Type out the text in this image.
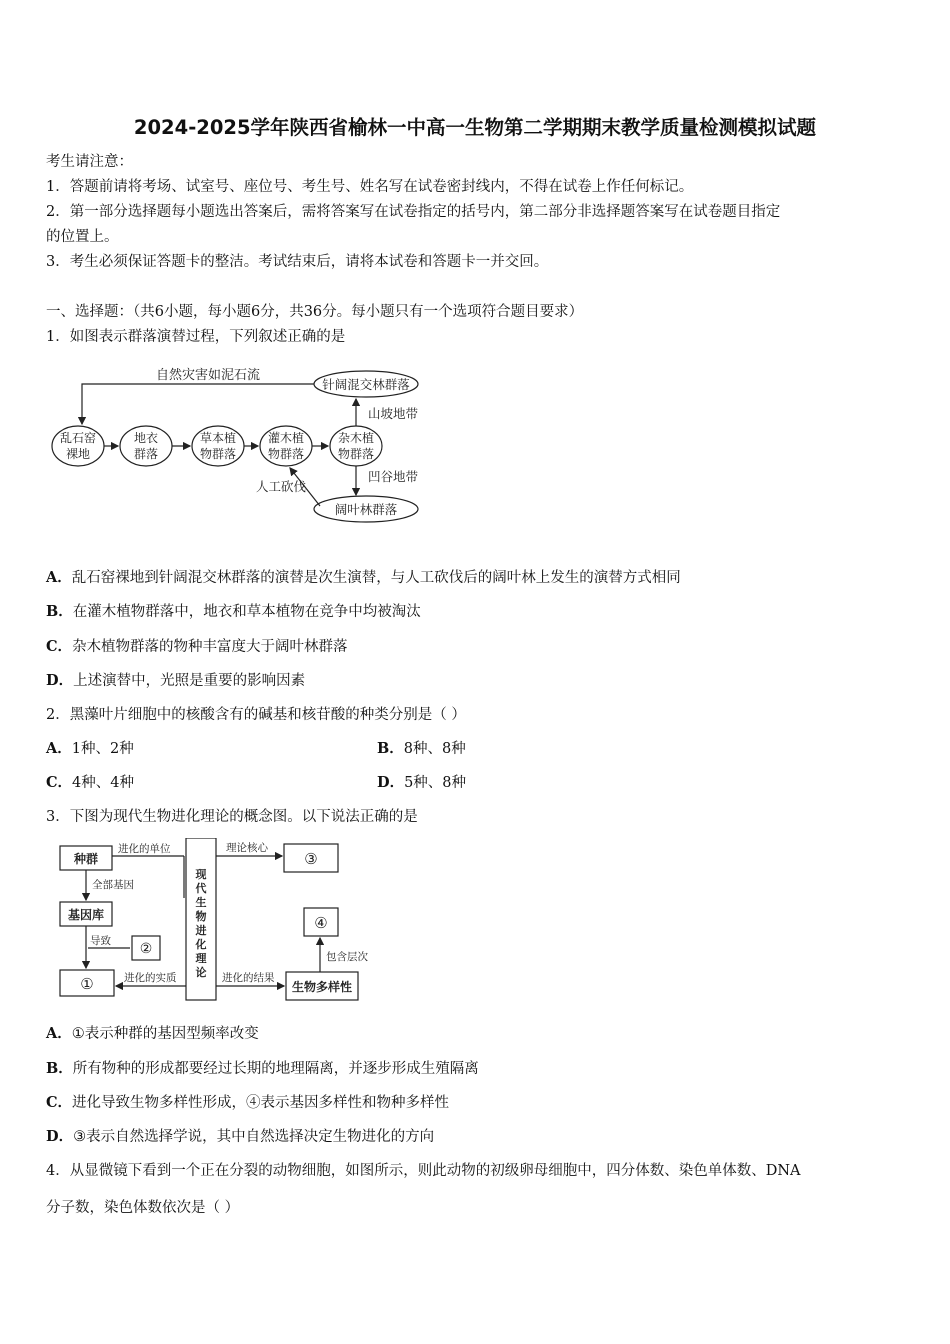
2024-2025学年陕西省榆林一中高一生物第二学期期末教学质量检测模拟试题
考生请注意：
1．答题前请将考场、试室号、座位号、考生号、姓名写在试卷密封线内，不得在试卷上作任何标记。
2．第一部分选择题每小题选出答案后，需将答案写在试卷指定的括号内，第二部分非选择题答案写在试卷题目指定
的位置上。
3．考生必须保证答题卡的整洁。考试结束后，请将本试卷和答题卡一并交回。
一、选择题：（共6小题，每小题6分，共36分。每小题只有一个选项符合题目要求）
1．如图表示群落演替过程，下列叙述正确的是
自然灾害如泥石流
针阔混交林群落
乱石窑
裸地
地衣
群落
草本植
物群落
灌木植
物群落
杂木植
物群落
山坡地带
凹谷地带
阔叶林群落
人工砍伐
A．乱石窑裸地到针阔混交林群落的演替是次生演替，与人工砍伐后的阔叶林上发生的演替方式相同
B．在灌木植物群落中，地衣和草本植物在竞争中均被淘汰
C．杂木植物群落的物种丰富度大于阔叶林群落
D．上述演替中，光照是重要的影响因素
2．黑藻叶片细胞中的核酸含有的碱基和核苷酸的种类分别是（ ）
A．1种、2种	B．8种、8种
C．4种、4种	D．5种、8种
3．下图为现代生物进化理论的概念图。以下说法正确的是
种群
进化的单位
现
代
生
物
进
化
理
论
全部基因
基因库
导致 ②
①	进化的实质
理论核心
③
进化的结果
生物多样性
包含层次
④
A．①表示种群的基因型频率改变
B．所有物种的形成都要经过长期的地理隔离，并逐步形成生殖隔离
C．进化导致生物多样性形成，④表示基因多样性和物种多样性
D．③表示自然选择学说，其中自然选择决定生物进化的方向
4．从显微镜下看到一个正在分裂的动物细胞，如图所示，则此动物的初级卵母细胞中，四分体数、染色单体数、DNA
分子数，染色体数依次是（ ）
